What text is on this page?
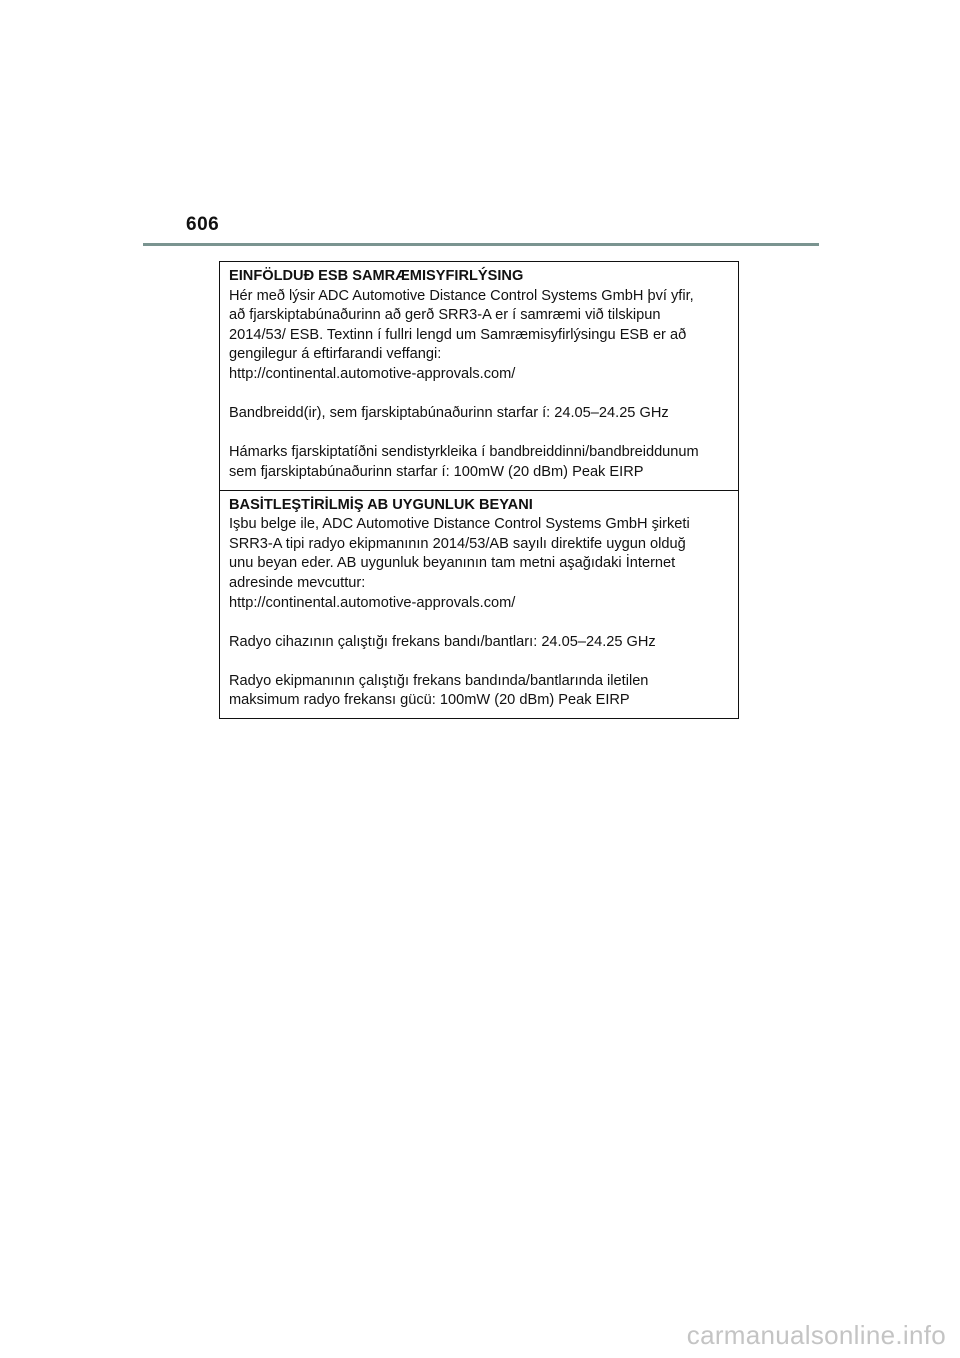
606
EINFÖLDUÐ ESB SAMRÆMISYFIRLÝSING
Hér með lýsir ADC Automotive Distance Control Systems GmbH því yfir,
að fjarskiptabúnaðurinn að gerð SRR3-A er í samræmi við tilskipun
2014/53/ ESB. Textinn í fullri lengd um Samræmisyfirlýsingu ESB er að
gengilegur á eftirfarandi veffangi:
http://continental.automotive-approvals.com/
Bandbreidd(ir), sem fjarskiptabúnaðurinn starfar í: 24.05–24.25 GHz
Hámarks fjarskiptatíðni sendistyrkleika í bandbreiddinni/bandbreiddunum
sem fjarskiptabúnaðurinn starfar í: 100mW (20 dBm) Peak EIRP
BASİTLEŞTİRİLMİŞ AB UYGUNLUK BEYANI
Işbu belge ile, ADC Automotive Distance Control Systems GmbH şirketi
SRR3-A tipi radyo ekipmanının 2014/53/AB sayılı direktife uygun olduğ
unu beyan eder. AB uygunluk beyanının tam metni aşağıdaki İnternet
adresinde mevcuttur:
http://continental.automotive-approvals.com/
Radyo cihazının çalıştığı frekans bandı/bantları: 24.05–24.25 GHz
Radyo ekipmanının çalıştığı frekans bandında/bantlarında iletilen
maksimum radyo frekansı gücü: 100mW (20 dBm) Peak EIRP
carmanualsonline.info
